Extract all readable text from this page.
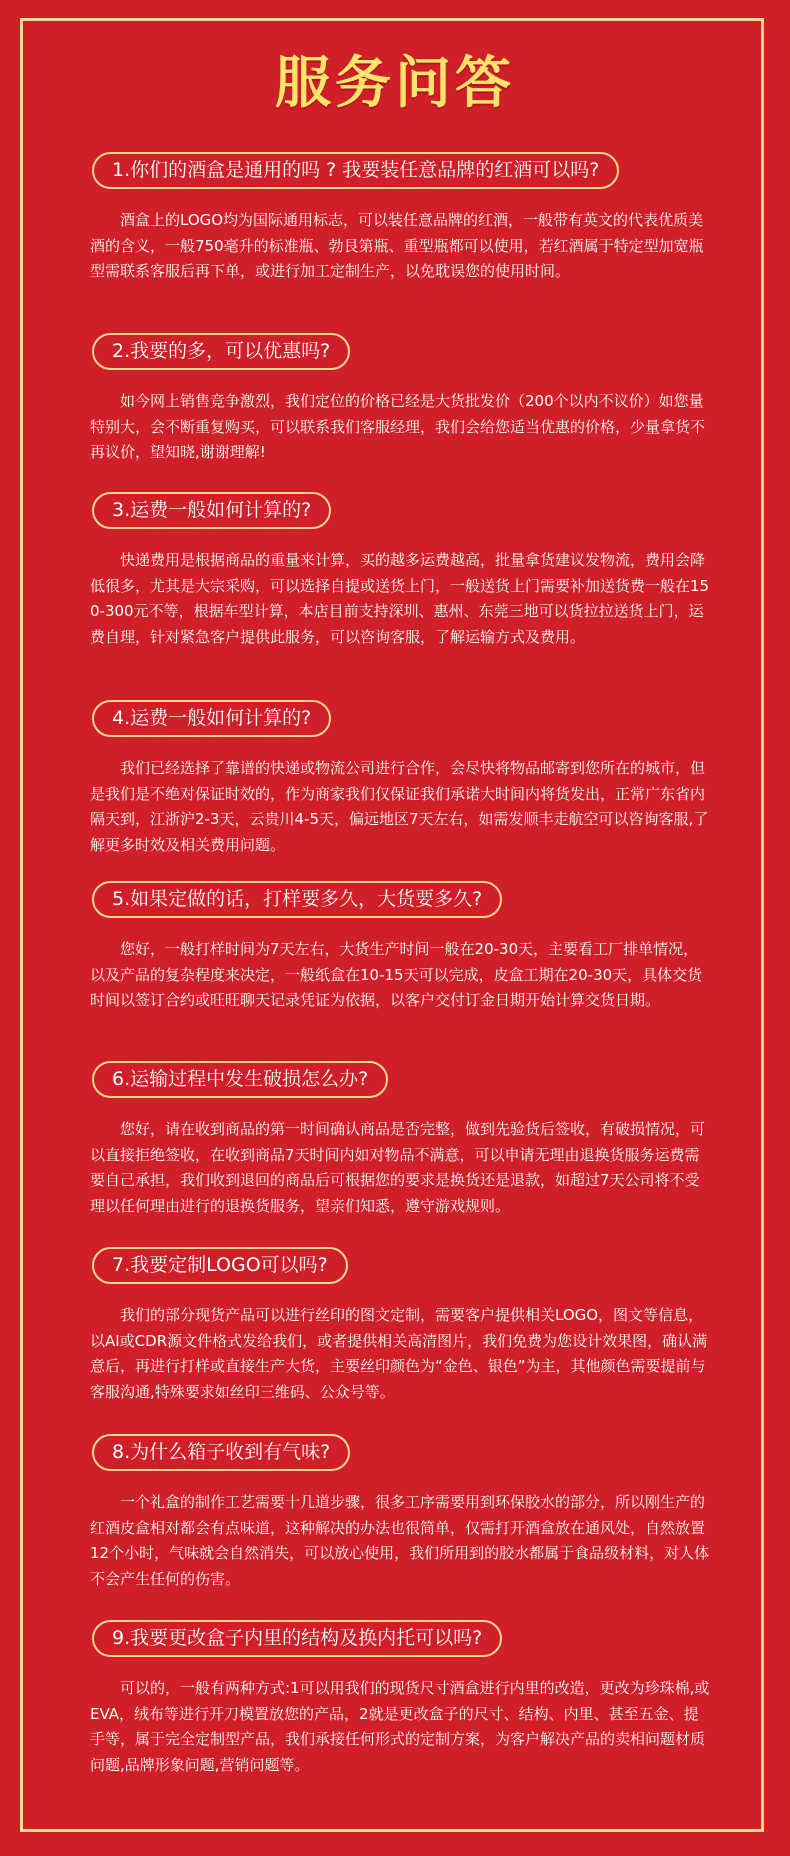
服务问答
1.你们的酒盒是通用的吗 ? 我要装任意品牌的红酒可以吗?

酒盒上的LOGO均为国际通用标志，可以装任意品牌的红酒，一般带有英文的代表优质美酒的含义，一般750毫升的标准瓶、勃艮第瓶、重型瓶都可以使用，若红酒属于特定型加宽瓶型需联系客服后再下单，或进行加工定制生产，以免耽误您的使用时间。

2.我要的多，可以优惠吗?

如今网上销售竞争激烈，我们定位的价格已经是大货批发价（200个以内不议价）如您量特别大，会不断重复购买，可以联系我们客服经理，我们会给您适当优惠的价格，少量拿货不再议价，望知晓,谢谢理解!

3.运费一般如何计算的?

快递费用是根据商品的重量来计算，买的越多运费越高，批量拿货建议发物流，费用会降低很多，尤其是大宗采购，可以选择自提或送货上门，一般送货上门需要补加送货费一般在150-300元不等，根据车型计算，本店目前支持深圳、惠州、东莞三地可以货拉拉送货上门，运费自理，针对紧急客户提供此服务，可以咨询客服，了解运输方式及费用。

4.运费一般如何计算的?

我们已经选择了靠谱的快递或物流公司进行合作，会尽快将物品邮寄到您所在的城市，但是我们是不绝对保证时效的，作为商家我们仅保证我们承诺大时间内将货发出，正常广东省内隔天到，江浙沪2-3天，云贵川4-5天，偏远地区7天左右，如需发顺丰走航空可以咨询客服,了解更多时效及相关费用问题。

5.如果定做的话，打样要多久，大货要多久?

您好，一般打样时间为7天左右，大货生产时间一般在20-30天，主要看工厂排单情况，以及产品的复杂程度来决定，一般纸盒在10-15天可以完成，皮盒工期在20-30天，具体交货时间以签订合约或旺旺聊天记录凭证为依据，以客户交付订金日期开始计算交货日期。

6.运输过程中发生破损怎么办?

您好，请在收到商品的第一时间确认商品是否完整，做到先验货后签收，有破损情况，可以直接拒绝签收，在收到商品7天时间内如对物品不满意，可以申请无理由退换货服务运费需要自己承担，我们收到退回的商品后可根据您的要求是换货还是退款，如超过7天公司将不受理以任何理由进行的退换货服务，望亲们知悉，遵守游戏规则。

7.我要定制LOGO可以吗?

我们的部分现货产品可以进行丝印的图文定制，需要客户提供相关LOGO，图文等信息，以AI或CDR源文件格式发给我们，或者提供相关高清图片，我们免费为您设计效果图，确认满意后，再进行打样或直接生产大货，主要丝印颜色为“金色、银色”为主，其他颜色需要提前与客服沟通,特殊要求如丝印三维码、公众号等。

8.为什么箱子收到有气味?

一个礼盒的制作工艺需要十几道步骤，很多工序需要用到环保胶水的部分，所以刚生产的红酒皮盒相对都会有点味道，这种解决的办法也很简单，仅需打开酒盒放在通风处，自然放置12个小时，气味就会自然消失，可以放心使用，我们所用到的胶水都属于食品级材料，对人体不会产生任何的伤害。

9.我要更改盒子内里的结构及换内托可以吗?

可以的，一般有两种方式:1可以用我们的现货尺寸酒盒进行内里的改造，更改为珍珠棉,或EVA，绒布等进行开刀模置放您的产品，2就是更改盒子的尺寸、结构、内里、甚至五金、提手等，属于完全定制型产品，我们承接任何形式的定制方案，为客户解决产品的卖相问题材质问题,品牌形象问题,营销问题等。
